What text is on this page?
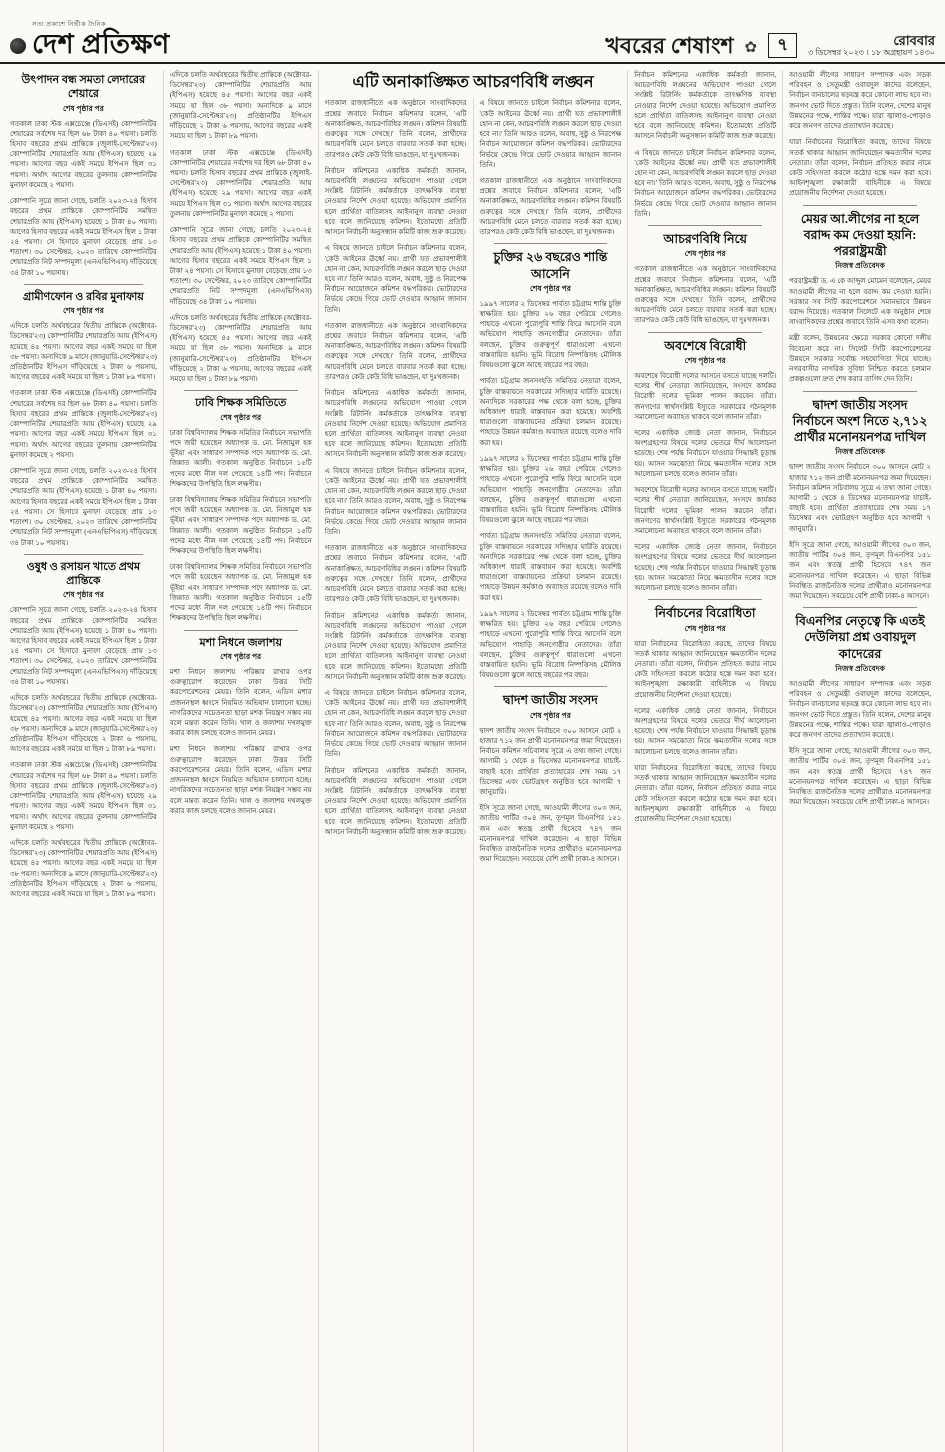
সত্য প্রকাশে নির্ভীক দৈনিক
দেশ প্রতিক্ষণ	খবরের শেষাংশ ✿	৭	রোববার
৩ ডিসেম্বর ২০২৩ । ১৮ অগ্রহায়ণ ১৪৩০
উৎপাদন বন্ধ সমতা লেদারের শেয়ারে
শেষ পৃষ্ঠার পর
গতকাল ঢাকা স্টক এক্সচেঞ্জে (ডিএসই) কোম্পানিটির শেয়ারের সর্বশেষ দর ছিল ৬৮ টাকা ৪০ পয়সা। চলতি হিসাব বছরের প্রথম প্রান্তিকে (জুলাই-সেপ্টেম্বর'২৩) কোম্পানিটির শেয়ারপ্রতি আয় (ইপিএস) হয়েছে ২৯ পয়সা। আগের বছর একই সময়ে ইপিএস ছিল ৩১ পয়সা। অর্থাৎ আগের বছরের তুলনায় কোম্পানিটির মুনাফা কমেছে ২ পয়সা।
কোম্পানি সূত্রে জানা গেছে, চলতি ২০২৩-২৪ হিসাব বছরের প্রথম প্রান্তিকে কোম্পানিটির সমন্বিত শেয়ারপ্রতি আয় (ইপিএস) হয়েছে ১ টাকা ৪০ পয়সা। আগের হিসাব বছরের একই সময়ে ইপিএস ছিল ১ টাকা ২৪ পয়সা। সে হিসাবে মুনাফা বেড়েছে প্রায় ১৩ শতাংশ। ৩০ সেপ্টেম্বর, ২০২৩ তারিখে কোম্পানিটির শেয়ারপ্রতি নিট সম্পদমূল্য (এনএভিপিএস) দাঁড়িয়েছে ৩৪ টাকা ১০ পয়সায়।
গ্রামীণফোন ও রবির মুনাফায়
শেষ পৃষ্ঠার পর
এদিকে চলতি অর্থবছরের দ্বিতীয় প্রান্তিকে (অক্টোবর-ডিসেম্বর'২৩) কোম্পানিটির শেয়ারপ্রতি আয় (ইপিএস) হয়েছে ৪৫ পয়সা। আগের বছর একই সময়ে যা ছিল ৩৮ পয়সা। অন্যদিকে ৯ মাসে (জানুয়ারি-সেপ্টেম্বর'২৩) প্রতিষ্ঠানটির ইপিএস দাঁড়িয়েছে ২ টাকা ৬ পয়সায়, আগের বছরের একই সময়ে যা ছিল ১ টাকা ৮৯ পয়সা।
গতকাল ঢাকা স্টক এক্সচেঞ্জে (ডিএসই) কোম্পানিটির শেয়ারের সর্বশেষ দর ছিল ৬৮ টাকা ৪০ পয়সা। চলতি হিসাব বছরের প্রথম প্রান্তিকে (জুলাই-সেপ্টেম্বর'২৩) কোম্পানিটির শেয়ারপ্রতি আয় (ইপিএস) হয়েছে ২৯ পয়সা। আগের বছর একই সময়ে ইপিএস ছিল ৩১ পয়সা। অর্থাৎ আগের বছরের তুলনায় কোম্পানিটির মুনাফা কমেছে ২ পয়সা।
কোম্পানি সূত্রে জানা গেছে, চলতি ২০২৩-২৪ হিসাব বছরের প্রথম প্রান্তিকে কোম্পানিটির সমন্বিত শেয়ারপ্রতি আয় (ইপিএস) হয়েছে ১ টাকা ৪০ পয়সা। আগের হিসাব বছরের একই সময়ে ইপিএস ছিল ১ টাকা ২৪ পয়সা। সে হিসাবে মুনাফা বেড়েছে প্রায় ১৩ শতাংশ। ৩০ সেপ্টেম্বর, ২০২৩ তারিখে কোম্পানিটির শেয়ারপ্রতি নিট সম্পদমূল্য (এনএভিপিএস) দাঁড়িয়েছে ৩৪ টাকা ১০ পয়সায়।
ওষুধ ও রসায়ন খাতে প্রথম প্রান্তিকে
শেষ পৃষ্ঠার পর
কোম্পানি সূত্রে জানা গেছে, চলতি ২০২৩-২৪ হিসাব বছরের প্রথম প্রান্তিকে কোম্পানিটির সমন্বিত শেয়ারপ্রতি আয় (ইপিএস) হয়েছে ১ টাকা ৪০ পয়সা। আগের হিসাব বছরের একই সময়ে ইপিএস ছিল ১ টাকা ২৪ পয়সা। সে হিসাবে মুনাফা বেড়েছে প্রায় ১৩ শতাংশ। ৩০ সেপ্টেম্বর, ২০২৩ তারিখে কোম্পানিটির শেয়ারপ্রতি নিট সম্পদমূল্য (এনএভিপিএস) দাঁড়িয়েছে ৩৪ টাকা ১০ পয়সায়।
এদিকে চলতি অর্থবছরের দ্বিতীয় প্রান্তিকে (অক্টোবর-ডিসেম্বর'২৩) কোম্পানিটির শেয়ারপ্রতি আয় (ইপিএস) হয়েছে ৪৫ পয়সা। আগের বছর একই সময়ে যা ছিল ৩৮ পয়সা। অন্যদিকে ৯ মাসে (জানুয়ারি-সেপ্টেম্বর'২৩) প্রতিষ্ঠানটির ইপিএস দাঁড়িয়েছে ২ টাকা ৬ পয়সায়, আগের বছরের একই সময়ে যা ছিল ১ টাকা ৮৯ পয়সা।
গতকাল ঢাকা স্টক এক্সচেঞ্জে (ডিএসই) কোম্পানিটির শেয়ারের সর্বশেষ দর ছিল ৬৮ টাকা ৪০ পয়সা। চলতি হিসাব বছরের প্রথম প্রান্তিকে (জুলাই-সেপ্টেম্বর'২৩) কোম্পানিটির শেয়ারপ্রতি আয় (ইপিএস) হয়েছে ২৯ পয়সা। আগের বছর একই সময়ে ইপিএস ছিল ৩১ পয়সা। অর্থাৎ আগের বছরের তুলনায় কোম্পানিটির মুনাফা কমেছে ২ পয়সা।
এদিকে চলতি অর্থবছরের দ্বিতীয় প্রান্তিকে (অক্টোবর-ডিসেম্বর'২৩) কোম্পানিটির শেয়ারপ্রতি আয় (ইপিএস) হয়েছে ৪৫ পয়সা। আগের বছর একই সময়ে যা ছিল ৩৮ পয়সা। অন্যদিকে ৯ মাসে (জানুয়ারি-সেপ্টেম্বর'২৩) প্রতিষ্ঠানটির ইপিএস দাঁড়িয়েছে ২ টাকা ৬ পয়সায়, আগের বছরের একই সময়ে যা ছিল ১ টাকা ৮৯ পয়সা।
এদিকে চলতি অর্থবছরের দ্বিতীয় প্রান্তিকে (অক্টোবর-ডিসেম্বর'২৩) কোম্পানিটির শেয়ারপ্রতি আয় (ইপিএস) হয়েছে ৪৫ পয়সা। আগের বছর একই সময়ে যা ছিল ৩৮ পয়সা। অন্যদিকে ৯ মাসে (জানুয়ারি-সেপ্টেম্বর'২৩) প্রতিষ্ঠানটির ইপিএস দাঁড়িয়েছে ২ টাকা ৬ পয়সায়, আগের বছরের একই সময়ে যা ছিল ১ টাকা ৮৯ পয়সা।
গতকাল ঢাকা স্টক এক্সচেঞ্জে (ডিএসই) কোম্পানিটির শেয়ারের সর্বশেষ দর ছিল ৬৮ টাকা ৪০ পয়সা। চলতি হিসাব বছরের প্রথম প্রান্তিকে (জুলাই-সেপ্টেম্বর'২৩) কোম্পানিটির শেয়ারপ্রতি আয় (ইপিএস) হয়েছে ২৯ পয়সা। আগের বছর একই সময়ে ইপিএস ছিল ৩১ পয়সা। অর্থাৎ আগের বছরের তুলনায় কোম্পানিটির মুনাফা কমেছে ২ পয়সা।
কোম্পানি সূত্রে জানা গেছে, চলতি ২০২৩-২৪ হিসাব বছরের প্রথম প্রান্তিকে কোম্পানিটির সমন্বিত শেয়ারপ্রতি আয় (ইপিএস) হয়েছে ১ টাকা ৪০ পয়সা। আগের হিসাব বছরের একই সময়ে ইপিএস ছিল ১ টাকা ২৪ পয়সা। সে হিসাবে মুনাফা বেড়েছে প্রায় ১৩ শতাংশ। ৩০ সেপ্টেম্বর, ২০২৩ তারিখে কোম্পানিটির শেয়ারপ্রতি নিট সম্পদমূল্য (এনএভিপিএস) দাঁড়িয়েছে ৩৪ টাকা ১০ পয়সায়।
এদিকে চলতি অর্থবছরের দ্বিতীয় প্রান্তিকে (অক্টোবর-ডিসেম্বর'২৩) কোম্পানিটির শেয়ারপ্রতি আয় (ইপিএস) হয়েছে ৪৫ পয়সা। আগের বছর একই সময়ে যা ছিল ৩৮ পয়সা। অন্যদিকে ৯ মাসে (জানুয়ারি-সেপ্টেম্বর'২৩) প্রতিষ্ঠানটির ইপিএস দাঁড়িয়েছে ২ টাকা ৬ পয়সায়, আগের বছরের একই সময়ে যা ছিল ১ টাকা ৮৯ পয়সা।
ঢাবি শিক্ষক সমিতিতে
শেষ পৃষ্ঠার পর
ঢাকা বিশ্ববিদ্যালয় শিক্ষক সমিতির নির্বাচনে সভাপতি পদে জয়ী হয়েছেন অধ্যাপক ড. মো. নিজামুল হক ভূঁইয়া এবং সাধারণ সম্পাদক পদে অধ্যাপক ড. মো. জিন্নাত আলী। গতকাল অনুষ্ঠিত নির্বাচনে ১৫টি পদের মধ্যে নীল দল পেয়েছে ১৪টি পদ। নির্বাচনে শিক্ষকদের উপস্থিতি ছিল লক্ষণীয়।
ঢাকা বিশ্ববিদ্যালয় শিক্ষক সমিতির নির্বাচনে সভাপতি পদে জয়ী হয়েছেন অধ্যাপক ড. মো. নিজামুল হক ভূঁইয়া এবং সাধারণ সম্পাদক পদে অধ্যাপক ড. মো. জিন্নাত আলী। গতকাল অনুষ্ঠিত নির্বাচনে ১৫টি পদের মধ্যে নীল দল পেয়েছে ১৪টি পদ। নির্বাচনে শিক্ষকদের উপস্থিতি ছিল লক্ষণীয়।
ঢাকা বিশ্ববিদ্যালয় শিক্ষক সমিতির নির্বাচনে সভাপতি পদে জয়ী হয়েছেন অধ্যাপক ড. মো. নিজামুল হক ভূঁইয়া এবং সাধারণ সম্পাদক পদে অধ্যাপক ড. মো. জিন্নাত আলী। গতকাল অনুষ্ঠিত নির্বাচনে ১৫টি পদের মধ্যে নীল দল পেয়েছে ১৪টি পদ। নির্বাচনে শিক্ষকদের উপস্থিতি ছিল লক্ষণীয়।
মশা নিধনে জলাশয়
শেষ পৃষ্ঠার পর
মশা নিধনে জলাশয় পরিষ্কার রাখার ওপর গুরুত্বারোপ করেছেন ঢাকা উত্তর সিটি করপোরেশনের মেয়র। তিনি বলেন, এডিস মশার প্রজননস্থল ধ্বংসে নিয়মিত অভিযান চালানো হচ্ছে। নাগরিকদের সচেতনতা ছাড়া মশক নিয়ন্ত্রণ সম্ভব নয় বলে মন্তব্য করেন তিনি। খাল ও জলাশয় দখলমুক্ত করার কাজ চলছে বলেও জানান মেয়র।
মশা নিধনে জলাশয় পরিষ্কার রাখার ওপর গুরুত্বারোপ করেছেন ঢাকা উত্তর সিটি করপোরেশনের মেয়র। তিনি বলেন, এডিস মশার প্রজননস্থল ধ্বংসে নিয়মিত অভিযান চালানো হচ্ছে। নাগরিকদের সচেতনতা ছাড়া মশক নিয়ন্ত্রণ সম্ভব নয় বলে মন্তব্য করেন তিনি। খাল ও জলাশয় দখলমুক্ত করার কাজ চলছে বলেও জানান মেয়র।
এটি অনাকাঙ্ক্ষিত আচরণবিধি লঙ্ঘন
গতকাল রাজধানীতে এক অনুষ্ঠানে সাংবাদিকদের প্রশ্নের জবাবে নির্বাচন কমিশনার বলেন, 'এটি অনাকাঙ্ক্ষিত, আচরণবিধির লঙ্ঘন। কমিশন বিষয়টি গুরুত্বের সঙ্গে দেখছে।' তিনি বলেন, প্রার্থীদের আচরণবিধি মেনে চলতে বারবার সতর্ক করা হচ্ছে। তারপরও কেউ কেউ বিধি ভাঙছেন, যা দুঃখজনক।
নির্বাচন কমিশনের একাধিক কর্মকর্তা জানান, আচরণবিধি লঙ্ঘনের অভিযোগ পাওয়া গেলে সংশ্লিষ্ট রিটার্নিং কর্মকর্তাকে তাৎক্ষণিক ব্যবস্থা নেওয়ার নির্দেশ দেওয়া হয়েছে। অভিযোগ প্রমাণিত হলে প্রার্থিতা বাতিলসহ আইনানুগ ব্যবস্থা নেওয়া হবে বলে জানিয়েছে কমিশন। ইতোমধ্যে প্রতিটি আসনে নির্বাচনী অনুসন্ধান কমিটি কাজ শুরু করেছে।
এ বিষয়ে জানতে চাইলে নির্বাচন কমিশনার বলেন, 'কেউ আইনের ঊর্ধ্বে নয়। প্রার্থী যত প্রভাবশালীই হোন না কেন, আচরণবিধি লঙ্ঘন করলে ছাড় দেওয়া হবে না।' তিনি আরও বলেন, অবাধ, সুষ্ঠু ও নিরপেক্ষ নির্বাচন আয়োজনে কমিশন বদ্ধপরিকর। ভোটারদের নির্ভয়ে কেন্দ্রে গিয়ে ভোট দেওয়ার আহ্বান জানান তিনি।
গতকাল রাজধানীতে এক অনুষ্ঠানে সাংবাদিকদের প্রশ্নের জবাবে নির্বাচন কমিশনার বলেন, 'এটি অনাকাঙ্ক্ষিত, আচরণবিধির লঙ্ঘন। কমিশন বিষয়টি গুরুত্বের সঙ্গে দেখছে।' তিনি বলেন, প্রার্থীদের আচরণবিধি মেনে চলতে বারবার সতর্ক করা হচ্ছে। তারপরও কেউ কেউ বিধি ভাঙছেন, যা দুঃখজনক।
নির্বাচন কমিশনের একাধিক কর্মকর্তা জানান, আচরণবিধি লঙ্ঘনের অভিযোগ পাওয়া গেলে সংশ্লিষ্ট রিটার্নিং কর্মকর্তাকে তাৎক্ষণিক ব্যবস্থা নেওয়ার নির্দেশ দেওয়া হয়েছে। অভিযোগ প্রমাণিত হলে প্রার্থিতা বাতিলসহ আইনানুগ ব্যবস্থা নেওয়া হবে বলে জানিয়েছে কমিশন। ইতোমধ্যে প্রতিটি আসনে নির্বাচনী অনুসন্ধান কমিটি কাজ শুরু করেছে।
এ বিষয়ে জানতে চাইলে নির্বাচন কমিশনার বলেন, 'কেউ আইনের ঊর্ধ্বে নয়। প্রার্থী যত প্রভাবশালীই হোন না কেন, আচরণবিধি লঙ্ঘন করলে ছাড় দেওয়া হবে না।' তিনি আরও বলেন, অবাধ, সুষ্ঠু ও নিরপেক্ষ নির্বাচন আয়োজনে কমিশন বদ্ধপরিকর। ভোটারদের নির্ভয়ে কেন্দ্রে গিয়ে ভোট দেওয়ার আহ্বান জানান তিনি।
গতকাল রাজধানীতে এক অনুষ্ঠানে সাংবাদিকদের প্রশ্নের জবাবে নির্বাচন কমিশনার বলেন, 'এটি অনাকাঙ্ক্ষিত, আচরণবিধির লঙ্ঘন। কমিশন বিষয়টি গুরুত্বের সঙ্গে দেখছে।' তিনি বলেন, প্রার্থীদের আচরণবিধি মেনে চলতে বারবার সতর্ক করা হচ্ছে। তারপরও কেউ কেউ বিধি ভাঙছেন, যা দুঃখজনক।
নির্বাচন কমিশনের একাধিক কর্মকর্তা জানান, আচরণবিধি লঙ্ঘনের অভিযোগ পাওয়া গেলে সংশ্লিষ্ট রিটার্নিং কর্মকর্তাকে তাৎক্ষণিক ব্যবস্থা নেওয়ার নির্দেশ দেওয়া হয়েছে। অভিযোগ প্রমাণিত হলে প্রার্থিতা বাতিলসহ আইনানুগ ব্যবস্থা নেওয়া হবে বলে জানিয়েছে কমিশন। ইতোমধ্যে প্রতিটি আসনে নির্বাচনী অনুসন্ধান কমিটি কাজ শুরু করেছে।
এ বিষয়ে জানতে চাইলে নির্বাচন কমিশনার বলেন, 'কেউ আইনের ঊর্ধ্বে নয়। প্রার্থী যত প্রভাবশালীই হোন না কেন, আচরণবিধি লঙ্ঘন করলে ছাড় দেওয়া হবে না।' তিনি আরও বলেন, অবাধ, সুষ্ঠু ও নিরপেক্ষ নির্বাচন আয়োজনে কমিশন বদ্ধপরিকর। ভোটারদের নির্ভয়ে কেন্দ্রে গিয়ে ভোট দেওয়ার আহ্বান জানান তিনি।
নির্বাচন কমিশনের একাধিক কর্মকর্তা জানান, আচরণবিধি লঙ্ঘনের অভিযোগ পাওয়া গেলে সংশ্লিষ্ট রিটার্নিং কর্মকর্তাকে তাৎক্ষণিক ব্যবস্থা নেওয়ার নির্দেশ দেওয়া হয়েছে। অভিযোগ প্রমাণিত হলে প্রার্থিতা বাতিলসহ আইনানুগ ব্যবস্থা নেওয়া হবে বলে জানিয়েছে কমিশন। ইতোমধ্যে প্রতিটি আসনে নির্বাচনী অনুসন্ধান কমিটি কাজ শুরু করেছে।
এ বিষয়ে জানতে চাইলে নির্বাচন কমিশনার বলেন, 'কেউ আইনের ঊর্ধ্বে নয়। প্রার্থী যত প্রভাবশালীই হোন না কেন, আচরণবিধি লঙ্ঘন করলে ছাড় দেওয়া হবে না।' তিনি আরও বলেন, অবাধ, সুষ্ঠু ও নিরপেক্ষ নির্বাচন আয়োজনে কমিশন বদ্ধপরিকর। ভোটারদের নির্ভয়ে কেন্দ্রে গিয়ে ভোট দেওয়ার আহ্বান জানান তিনি।
গতকাল রাজধানীতে এক অনুষ্ঠানে সাংবাদিকদের প্রশ্নের জবাবে নির্বাচন কমিশনার বলেন, 'এটি অনাকাঙ্ক্ষিত, আচরণবিধির লঙ্ঘন। কমিশন বিষয়টি গুরুত্বের সঙ্গে দেখছে।' তিনি বলেন, প্রার্থীদের আচরণবিধি মেনে চলতে বারবার সতর্ক করা হচ্ছে। তারপরও কেউ কেউ বিধি ভাঙছেন, যা দুঃখজনক।
চুক্তির ২৬ বছরেও শান্তি আসেনি
শেষ পৃষ্ঠার পর
১৯৯৭ সালের ২ ডিসেম্বর পার্বত্য চট্টগ্রাম শান্তি চুক্তি স্বাক্ষরিত হয়। চুক্তির ২৬ বছর পেরিয়ে গেলেও পাহাড়ে এখনো পুরোপুরি শান্তি ফিরে আসেনি বলে অভিযোগ পাহাড়ি জনগোষ্ঠীর নেতাদের। তাঁরা বলছেন, চুক্তির গুরুত্বপূর্ণ ধারাগুলো এখনো বাস্তবায়িত হয়নি। ভূমি বিরোধ নিষ্পত্তিসহ মৌলিক বিষয়গুলো ঝুলে আছে বছরের পর বছর।
পার্বত্য চট্টগ্রাম জনসংহতি সমিতির নেতারা বলেন, চুক্তি বাস্তবায়নে সরকারের সদিচ্ছার ঘাটতি রয়েছে। অন্যদিকে সরকারের পক্ষ থেকে বলা হচ্ছে, চুক্তির অধিকাংশ ধারাই বাস্তবায়ন করা হয়েছে। অবশিষ্ট ধারাগুলো বাস্তবায়নের প্রক্রিয়া চলমান রয়েছে। পাহাড়ে উন্নয়ন কর্মকাণ্ড অব্যাহত রয়েছে বলেও দাবি করা হয়।
১৯৯৭ সালের ২ ডিসেম্বর পার্বত্য চট্টগ্রাম শান্তি চুক্তি স্বাক্ষরিত হয়। চুক্তির ২৬ বছর পেরিয়ে গেলেও পাহাড়ে এখনো পুরোপুরি শান্তি ফিরে আসেনি বলে অভিযোগ পাহাড়ি জনগোষ্ঠীর নেতাদের। তাঁরা বলছেন, চুক্তির গুরুত্বপূর্ণ ধারাগুলো এখনো বাস্তবায়িত হয়নি। ভূমি বিরোধ নিষ্পত্তিসহ মৌলিক বিষয়গুলো ঝুলে আছে বছরের পর বছর।
পার্বত্য চট্টগ্রাম জনসংহতি সমিতির নেতারা বলেন, চুক্তি বাস্তবায়নে সরকারের সদিচ্ছার ঘাটতি রয়েছে। অন্যদিকে সরকারের পক্ষ থেকে বলা হচ্ছে, চুক্তির অধিকাংশ ধারাই বাস্তবায়ন করা হয়েছে। অবশিষ্ট ধারাগুলো বাস্তবায়নের প্রক্রিয়া চলমান রয়েছে। পাহাড়ে উন্নয়ন কর্মকাণ্ড অব্যাহত রয়েছে বলেও দাবি করা হয়।
১৯৯৭ সালের ২ ডিসেম্বর পার্বত্য চট্টগ্রাম শান্তি চুক্তি স্বাক্ষরিত হয়। চুক্তির ২৬ বছর পেরিয়ে গেলেও পাহাড়ে এখনো পুরোপুরি শান্তি ফিরে আসেনি বলে অভিযোগ পাহাড়ি জনগোষ্ঠীর নেতাদের। তাঁরা বলছেন, চুক্তির গুরুত্বপূর্ণ ধারাগুলো এখনো বাস্তবায়িত হয়নি। ভূমি বিরোধ নিষ্পত্তিসহ মৌলিক বিষয়গুলো ঝুলে আছে বছরের পর বছর।
দ্বাদশ জাতীয় সংসদ
শেষ পৃষ্ঠার পর
দ্বাদশ জাতীয় সংসদ নির্বাচনে ৩০০ আসনে মোট ২ হাজার ৭১২ জন প্রার্থী মনোনয়নপত্র জমা দিয়েছেন। নির্বাচন কমিশন সচিবালয় সূত্রে এ তথ্য জানা গেছে। আগামী ১ থেকে ৪ ডিসেম্বর মনোনয়নপত্র যাচাই-বাছাই হবে। প্রার্থিতা প্রত্যাহারের শেষ সময় ১৭ ডিসেম্বর এবং ভোটগ্রহণ অনুষ্ঠিত হবে আগামী ৭ জানুয়ারি।
ইসি সূত্রে জানা গেছে, আওয়ামী লীগের ৩০৩ জন, জাতীয় পার্টির ৩০৪ জন, তৃণমূল বিএনপির ১৫১ জন এবং স্বতন্ত্র প্রার্থী হিসেবে ৭৪৭ জন মনোনয়নপত্র দাখিল করেছেন। এ ছাড়া বিভিন্ন নিবন্ধিত রাজনৈতিক দলের প্রার্থীরাও মনোনয়নপত্র জমা দিয়েছেন। সবচেয়ে বেশি প্রার্থী ঢাকা-৪ আসনে।
নির্বাচন কমিশনের একাধিক কর্মকর্তা জানান, আচরণবিধি লঙ্ঘনের অভিযোগ পাওয়া গেলে সংশ্লিষ্ট রিটার্নিং কর্মকর্তাকে তাৎক্ষণিক ব্যবস্থা নেওয়ার নির্দেশ দেওয়া হয়েছে। অভিযোগ প্রমাণিত হলে প্রার্থিতা বাতিলসহ আইনানুগ ব্যবস্থা নেওয়া হবে বলে জানিয়েছে কমিশন। ইতোমধ্যে প্রতিটি আসনে নির্বাচনী অনুসন্ধান কমিটি কাজ শুরু করেছে।
এ বিষয়ে জানতে চাইলে নির্বাচন কমিশনার বলেন, 'কেউ আইনের ঊর্ধ্বে নয়। প্রার্থী যত প্রভাবশালীই হোন না কেন, আচরণবিধি লঙ্ঘন করলে ছাড় দেওয়া হবে না।' তিনি আরও বলেন, অবাধ, সুষ্ঠু ও নিরপেক্ষ নির্বাচন আয়োজনে কমিশন বদ্ধপরিকর। ভোটারদের নির্ভয়ে কেন্দ্রে গিয়ে ভোট দেওয়ার আহ্বান জানান তিনি।
আচরণবিধি নিয়ে
শেষ পৃষ্ঠার পর
গতকাল রাজধানীতে এক অনুষ্ঠানে সাংবাদিকদের প্রশ্নের জবাবে নির্বাচন কমিশনার বলেন, 'এটি অনাকাঙ্ক্ষিত, আচরণবিধির লঙ্ঘন। কমিশন বিষয়টি গুরুত্বের সঙ্গে দেখছে।' তিনি বলেন, প্রার্থীদের আচরণবিধি মেনে চলতে বারবার সতর্ক করা হচ্ছে। তারপরও কেউ কেউ বিধি ভাঙছেন, যা দুঃখজনক।
অবশেষে বিরোধী
শেষ পৃষ্ঠার পর
অবশেষে বিরোধী দলের আসনে বসতে যাচ্ছে দলটি। দলের শীর্ষ নেতারা জানিয়েছেন, সংসদে কার্যকর বিরোধী দলের ভূমিকা পালন করবেন তাঁরা। জনগণের স্বার্থসংশ্লিষ্ট ইস্যুতে সরকারের গঠনমূলক সমালোচনা অব্যাহত থাকবে বলে জানান তাঁরা।
দলের একাধিক জ্যেষ্ঠ নেতা জানান, নির্বাচনে অংশগ্রহণের বিষয়ে দলের ভেতরে দীর্ঘ আলোচনা হয়েছে। শেষ পর্যন্ত নির্বাচনে যাওয়ার সিদ্ধান্তই চূড়ান্ত হয়। আসন সমঝোতা নিয়ে ক্ষমতাসীন দলের সঙ্গে আলোচনা চলছে বলেও জানান তাঁরা।
অবশেষে বিরোধী দলের আসনে বসতে যাচ্ছে দলটি। দলের শীর্ষ নেতারা জানিয়েছেন, সংসদে কার্যকর বিরোধী দলের ভূমিকা পালন করবেন তাঁরা। জনগণের স্বার্থসংশ্লিষ্ট ইস্যুতে সরকারের গঠনমূলক সমালোচনা অব্যাহত থাকবে বলে জানান তাঁরা।
দলের একাধিক জ্যেষ্ঠ নেতা জানান, নির্বাচনে অংশগ্রহণের বিষয়ে দলের ভেতরে দীর্ঘ আলোচনা হয়েছে। শেষ পর্যন্ত নির্বাচনে যাওয়ার সিদ্ধান্তই চূড়ান্ত হয়। আসন সমঝোতা নিয়ে ক্ষমতাসীন দলের সঙ্গে আলোচনা চলছে বলেও জানান তাঁরা।
নির্বাচনের বিরোধিতা
শেষ পৃষ্ঠার পর
যারা নির্বাচনের বিরোধিতা করছে, তাদের বিষয়ে সতর্ক থাকার আহ্বান জানিয়েছেন ক্ষমতাসীন দলের নেতারা। তাঁরা বলেন, নির্বাচন প্রতিহত করার নামে কেউ সহিংসতা করলে কঠোর হস্তে দমন করা হবে। আইনশৃঙ্খলা রক্ষাকারী বাহিনীকে এ বিষয়ে প্রয়োজনীয় নির্দেশনা দেওয়া হয়েছে।
দলের একাধিক জ্যেষ্ঠ নেতা জানান, নির্বাচনে অংশগ্রহণের বিষয়ে দলের ভেতরে দীর্ঘ আলোচনা হয়েছে। শেষ পর্যন্ত নির্বাচনে যাওয়ার সিদ্ধান্তই চূড়ান্ত হয়। আসন সমঝোতা নিয়ে ক্ষমতাসীন দলের সঙ্গে আলোচনা চলছে বলেও জানান তাঁরা।
যারা নির্বাচনের বিরোধিতা করছে, তাদের বিষয়ে সতর্ক থাকার আহ্বান জানিয়েছেন ক্ষমতাসীন দলের নেতারা। তাঁরা বলেন, নির্বাচন প্রতিহত করার নামে কেউ সহিংসতা করলে কঠোর হস্তে দমন করা হবে। আইনশৃঙ্খলা রক্ষাকারী বাহিনীকে এ বিষয়ে প্রয়োজনীয় নির্দেশনা দেওয়া হয়েছে।
আওয়ামী লীগের সাধারণ সম্পাদক এবং সড়ক পরিবহন ও সেতুমন্ত্রী ওবায়দুল কাদের বলেছেন, নির্বাচন বানচালের ষড়যন্ত্র করে কোনো লাভ হবে না। জনগণ ভোট দিতে প্রস্তুত। তিনি বলেন, দেশের মানুষ উন্নয়নের পক্ষে, শান্তির পক্ষে। যারা জ্বালাও-পোড়াও করে জনগণ তাদের প্রত্যাখ্যান করেছে।
যারা নির্বাচনের বিরোধিতা করছে, তাদের বিষয়ে সতর্ক থাকার আহ্বান জানিয়েছেন ক্ষমতাসীন দলের নেতারা। তাঁরা বলেন, নির্বাচন প্রতিহত করার নামে কেউ সহিংসতা করলে কঠোর হস্তে দমন করা হবে। আইনশৃঙ্খলা রক্ষাকারী বাহিনীকে এ বিষয়ে প্রয়োজনীয় নির্দেশনা দেওয়া হয়েছে।
মেয়র আ.লীগের না হলে বরাদ্দ কম দেওয়া হয়নি: পররাষ্ট্রমন্ত্রী
নিজস্ব প্রতিবেদক
পররাষ্ট্রমন্ত্রী ড. এ কে আব্দুল মোমেন বলেছেন, মেয়র আওয়ামী লীগের না হলে বরাদ্দ কম দেওয়া হয়নি। সরকার সব সিটি করপোরেশনে সমানভাবে উন্নয়ন বরাদ্দ দিয়েছে। গতকাল সিলেটে এক অনুষ্ঠান শেষে সাংবাদিকদের প্রশ্নের জবাবে তিনি এসব কথা বলেন।
মন্ত্রী বলেন, উন্নয়নের ক্ষেত্রে সরকার কোনো দলীয় বিবেচনা করে না। সিলেট সিটি করপোরেশনের উন্নয়নে সরকার সর্বোচ্চ সহযোগিতা দিয়ে যাচ্ছে। নগরবাসীর নাগরিক সুবিধা নিশ্চিত করতে চলমান প্রকল্পগুলো দ্রুত শেষ করার তাগিদ দেন তিনি।
দ্বাদশ জাতীয় সংসদ নির্বাচনে অংশ নিতে ২,৭১২ প্রার্থীর মনোনয়নপত্র দাখিল
নিজস্ব প্রতিবেদক
দ্বাদশ জাতীয় সংসদ নির্বাচনে ৩০০ আসনে মোট ২ হাজার ৭১২ জন প্রার্থী মনোনয়নপত্র জমা দিয়েছেন। নির্বাচন কমিশন সচিবালয় সূত্রে এ তথ্য জানা গেছে। আগামী ১ থেকে ৪ ডিসেম্বর মনোনয়নপত্র যাচাই-বাছাই হবে। প্রার্থিতা প্রত্যাহারের শেষ সময় ১৭ ডিসেম্বর এবং ভোটগ্রহণ অনুষ্ঠিত হবে আগামী ৭ জানুয়ারি।
ইসি সূত্রে জানা গেছে, আওয়ামী লীগের ৩০৩ জন, জাতীয় পার্টির ৩০৪ জন, তৃণমূল বিএনপির ১৫১ জন এবং স্বতন্ত্র প্রার্থী হিসেবে ৭৪৭ জন মনোনয়নপত্র দাখিল করেছেন। এ ছাড়া বিভিন্ন নিবন্ধিত রাজনৈতিক দলের প্রার্থীরাও মনোনয়নপত্র জমা দিয়েছেন। সবচেয়ে বেশি প্রার্থী ঢাকা-৪ আসনে।
বিএনপির নেতৃত্বে কি এতই দেউলিয়া প্রশ্ন ওবায়দুল কাদেরের
নিজস্ব প্রতিবেদক
আওয়ামী লীগের সাধারণ সম্পাদক এবং সড়ক পরিবহন ও সেতুমন্ত্রী ওবায়দুল কাদের বলেছেন, নির্বাচন বানচালের ষড়যন্ত্র করে কোনো লাভ হবে না। জনগণ ভোট দিতে প্রস্তুত। তিনি বলেন, দেশের মানুষ উন্নয়নের পক্ষে, শান্তির পক্ষে। যারা জ্বালাও-পোড়াও করে জনগণ তাদের প্রত্যাখ্যান করেছে।
ইসি সূত্রে জানা গেছে, আওয়ামী লীগের ৩০৩ জন, জাতীয় পার্টির ৩০৪ জন, তৃণমূল বিএনপির ১৫১ জন এবং স্বতন্ত্র প্রার্থী হিসেবে ৭৪৭ জন মনোনয়নপত্র দাখিল করেছেন। এ ছাড়া বিভিন্ন নিবন্ধিত রাজনৈতিক দলের প্রার্থীরাও মনোনয়নপত্র জমা দিয়েছেন। সবচেয়ে বেশি প্রার্থী ঢাকা-৪ আসনে।
